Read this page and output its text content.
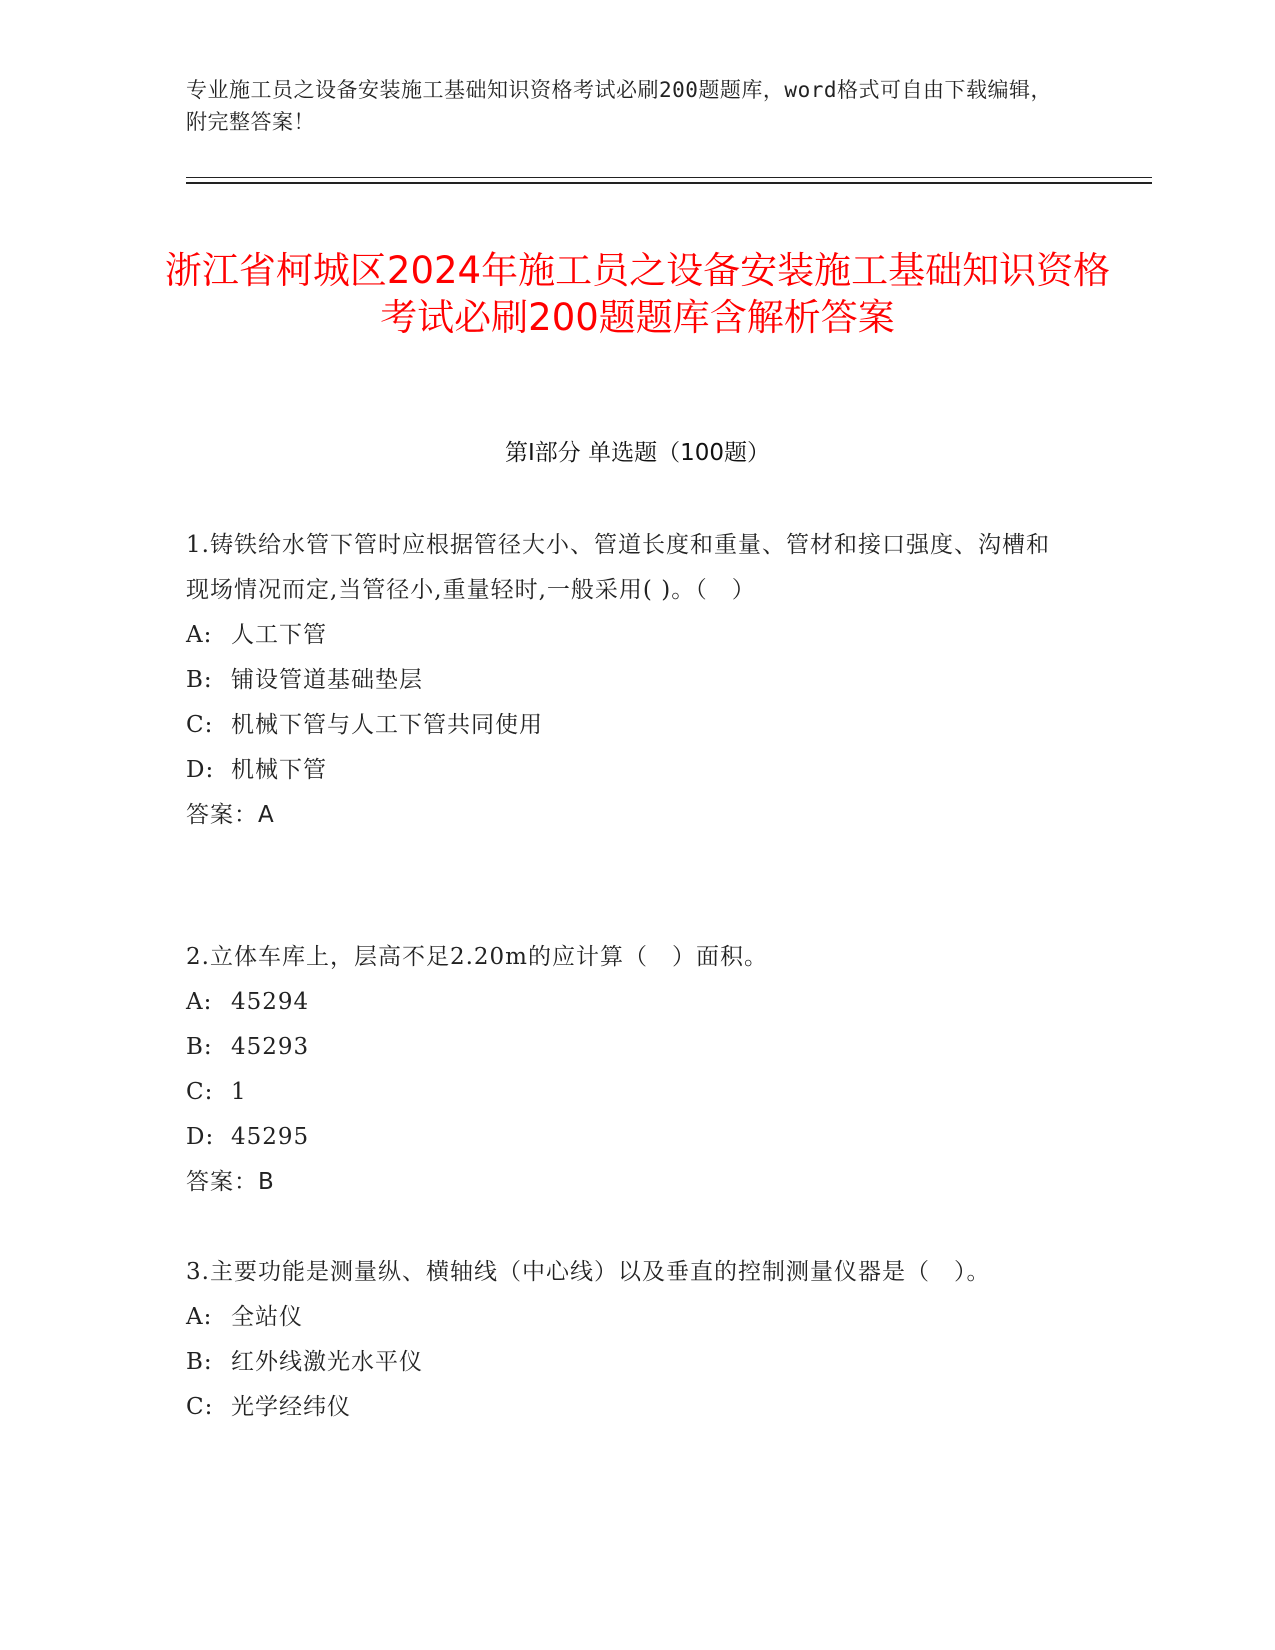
专业施工员之设备安装施工基础知识资格考试必刷200题题库，word格式可自由下载编辑，附完整答案！
浙江省柯城区2024年施工员之设备安装施工基础知识资格考试必刷200题题库含解析答案
第Ⅰ部分 单选题（100题）
1.铸铁给水管下管时应根据管径大小、管道长度和重量、管材和接口强度、沟槽和现场情况而定,当管径小,重量轻时,一般采用( )。（　）
A: 人工下管
B: 铺设管道基础垫层
C: 机械下管与人工下管共同使用
D: 机械下管
答案：A
2.立体车库上，层高不足2.20m的应计算（　）面积。
A: 45294
B: 45293
C: 1
D: 45295
答案：B
3.主要功能是测量纵、横轴线（中心线）以及垂直的控制测量仪器是（　）。
A: 全站仪
B: 红外线激光水平仪
C: 光学经纬仪
